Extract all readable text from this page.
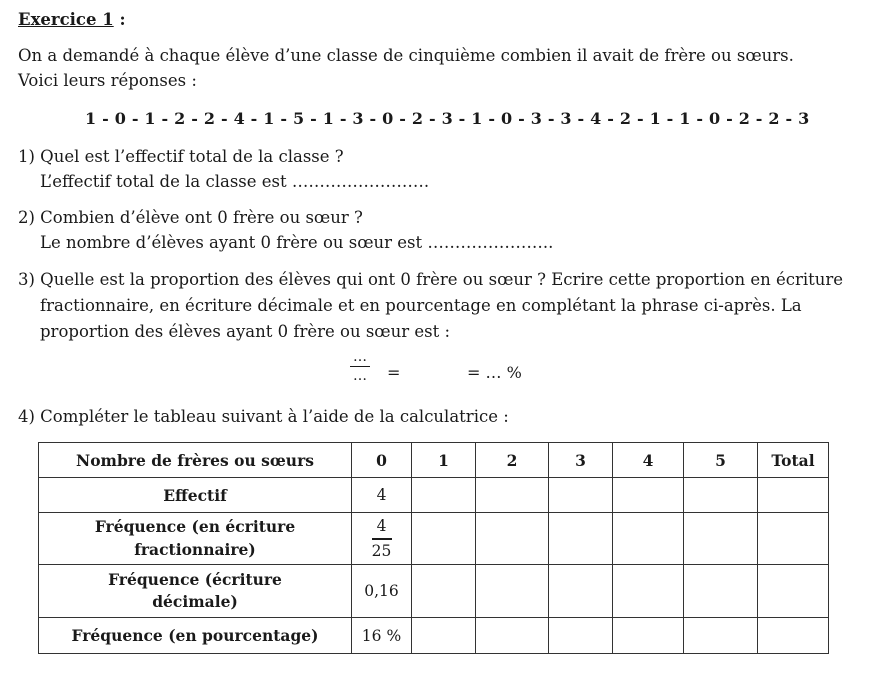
Exercice 1 :
On a demandé à chaque élève d’une classe de cinquième combien il avait de frère ou sœurs.
Voici leurs réponses :
1 - 0 - 1 - 2 - 2 - 4 - 1 - 5 - 1 - 3 - 0 - 2 - 3 - 1 - 0 - 3 - 3 - 4 - 2 - 1 - 1 - 0 - 2 - 2 - 3
1) Quel est l’effectif total de la classe ?
L’effectif total de la classe est …………………….
2) Combien d’élève ont 0 frère ou sœur ?
Le nombre d’élèves ayant 0 frère ou sœur est …………………..
3) Quelle est la proportion des élèves qui ont 0 frère ou sœur ? Ecrire cette proportion en écriture
fractionnaire, en écriture décimale et en pourcentage en complétant la phrase ci-après. La
proportion des élèves ayant 0 frère ou sœur est :
…
… =	= … %
4) Compléter le tableau suivant à l’aide de la calculatrice :
Nombre de frères ou sœurs	0	1	2	3	4	5	Total
Effectif	4						
Fréquence (en écriture
fractionnaire)	$\frac{4}{25}$

Fréquence (écriture
décimale)	0,16						
Fréquence (en pourcentage)	16 %						
